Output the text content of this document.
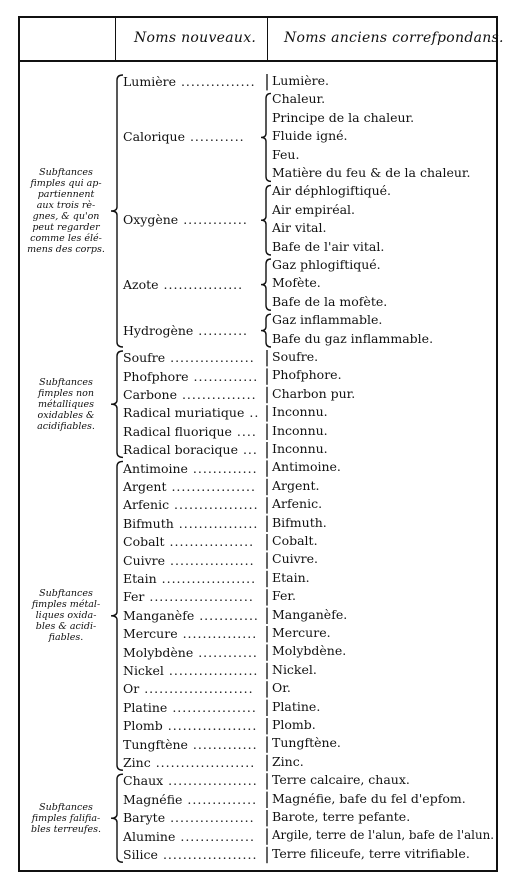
Noms nouveaux. Noms anciens correfpondans.
Lumière ............... Lumière.
Calorique ...........
Chaleur.
Principe de la chaleur.
Fluide igné.
Feu.
Matière du feu & de la chaleur.
Oxygène .............
Air déphlogiftiqué.
Air empiréal.
Air vital.
Bafe de l'air vital.
Azote ................
Gaz phlogiftiqué.
Mofète.
Bafe de la mofète.
Hydrogène ..........
Gaz inflammable.
Bafe du gaz inflammable.
Soufre ................. Soufre.
Phofphore ............. Phofphore.
Carbone ............... Charbon pur.
Radical muriatique .. Inconnu.
Radical fluorique .... Inconnu.
Radical boracique ... Inconnu.
Antimoine ............. Antimoine.
Argent ................. Argent.
Arfenic ................. Arfenic.
Bifmuth ................ Bifmuth.
Cobalt ................. Cobalt.
Cuivre ................. Cuivre.
Etain ................... Etain.
Fer ..................... Fer.
Manganèfe ............ Manganèfe.
Mercure ............... Mercure.
Molybdène ............ Molybdène.
Nickel .................. Nickel.
Or ...................... Or.
Platine ................. Platine.
Plomb .................. Plomb.
Tungftène ............. Tungftène.
Zinc .................... Zinc.
Chaux .................. Terre calcaire, chaux.
Magnéfie .............. Magnéfie, bafe du fel d'epfom.
Baryte ................. Barote, terre pefante.
Alumine ............... Argile, terre de l'alun, bafe de l'alun.
Silice ................... Terre filiceufe, terre vitrifiable.
Subftances
fimples qui ap-
partiennent
aux trois rè-
gnes, & qu'on
peut regarder
comme les élé-
mens des corps.
Subftances
fimples non
métalliques
oxidables &
acidifiables.
Subftances
fimples métal-
liques oxida-
bles & acidi-
fiables.
Subftances
fimples falifia-
bles terreufes.
